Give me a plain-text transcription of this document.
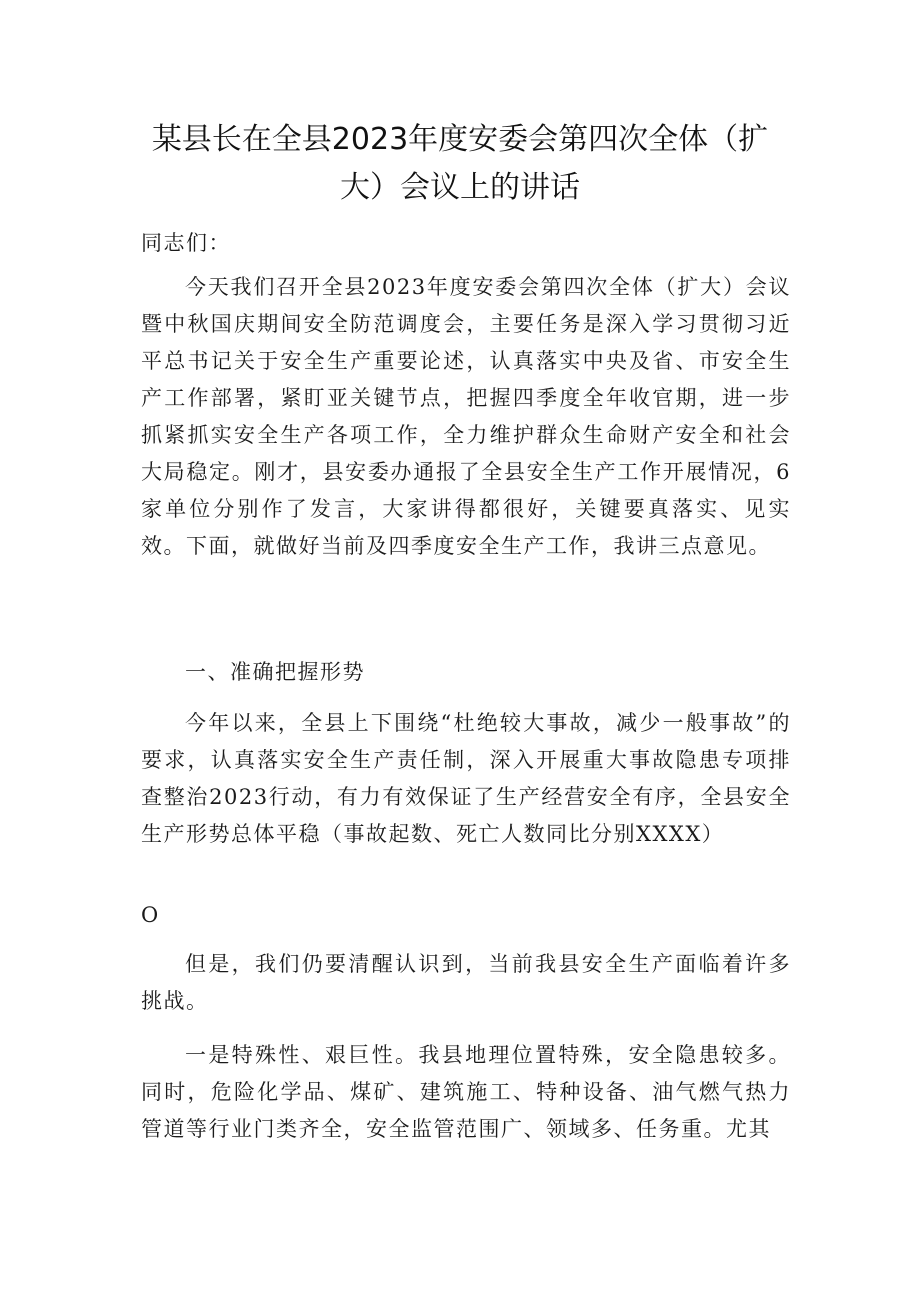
某县长在全县2023年度安委会第四次全体（扩
大）会议上的讲话

同志们：

今天我们召开全县2023年度安委会第四次全体（扩大）会议暨中秋国庆期间安全防范调度会，主要任务是深入学习贯彻习近平总书记关于安全生产重要论述，认真落实中央及省、市安全生产工作部署，紧盯亚关键节点，把握四季度全年收官期，进一步抓紧抓实安全生产各项工作，全力维护群众生命财产安全和社会大局稳定。刚才，县安委办通报了全县安全生产工作开展情况，6家单位分别作了发言，大家讲得都很好，关键要真落实、见实效。下面，就做好当前及四季度安全生产工作，我讲三点意见。

一、准确把握形势

今年以来，全县上下围绕“杜绝较大事故，减少一般事故”的要求，认真落实安全生产责任制，深入开展重大事故隐患专项排查整治2023行动，有力有效保证了生产经营安全有序，全县安全生产形势总体平稳（事故起数、死亡人数同比分别XXXX）

O

但是，我们仍要清醒认识到，当前我县安全生产面临着许多挑战。

一是特殊性、艰巨性。我县地理位置特殊，安全隐患较多。同时，危险化学品、煤矿、建筑施工、特种设备、油气燃气热力管道等行业门类齐全，安全监管范围广、领域多、任务重。尤其
